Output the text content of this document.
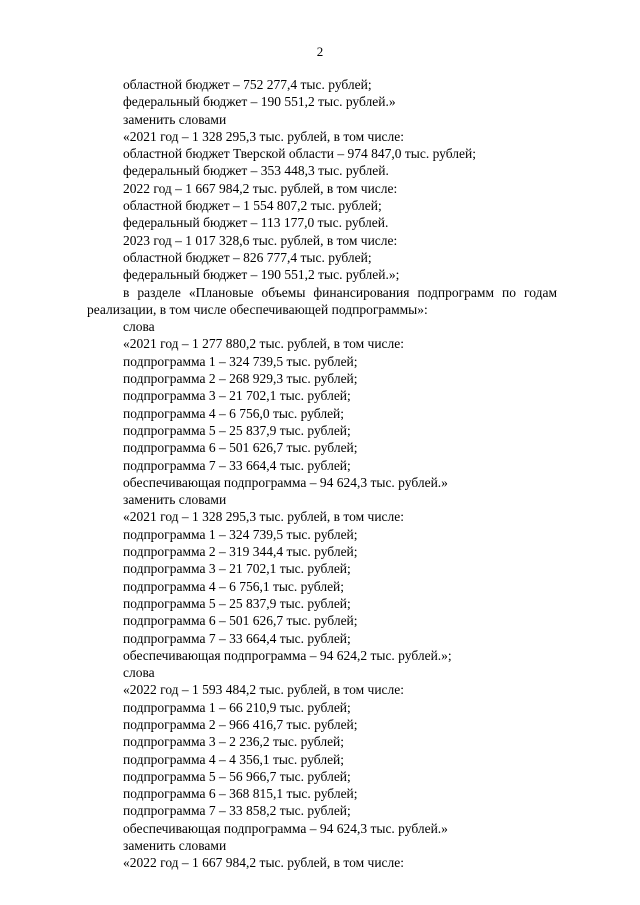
2
областной бюджет – 752 277,4 тыс. рублей;
федеральный бюджет – 190 551,2 тыс. рублей.»
заменить словами
«2021 год – 1 328 295,3 тыс. рублей, в том числе:
областной бюджет Тверской области – 974 847,0 тыс. рублей;
федеральный бюджет – 353 448,3 тыс. рублей.
2022 год – 1 667 984,2 тыс. рублей, в том числе:
областной бюджет – 1 554 807,2 тыс. рублей;
федеральный бюджет – 113 177,0 тыс. рублей.
2023 год – 1 017 328,6 тыс. рублей, в том числе:
областной бюджет – 826 777,4 тыс. рублей;
федеральный бюджет – 190 551,2 тыс. рублей.»;
в разделе «Плановые объемы финансирования подпрограмм по годам реализации, в том числе обеспечивающей подпрограммы»:
слова
«2021 год – 1 277 880,2 тыс. рублей, в том числе:
подпрограмма 1 – 324 739,5 тыс. рублей;
подпрограмма 2 – 268 929,3 тыс. рублей;
подпрограмма 3 – 21 702,1 тыс. рублей;
подпрограмма 4 – 6 756,0 тыс. рублей;
подпрограмма 5 – 25 837,9 тыс. рублей;
подпрограмма 6 – 501 626,7 тыс. рублей;
подпрограмма 7 – 33 664,4 тыс. рублей;
обеспечивающая подпрограмма – 94 624,3 тыс. рублей.»
заменить словами
«2021 год – 1 328 295,3 тыс. рублей, в том числе:
подпрограмма 1 – 324 739,5 тыс. рублей;
подпрограмма 2 – 319 344,4 тыс. рублей;
подпрограмма 3 – 21 702,1 тыс. рублей;
подпрограмма 4 – 6 756,1 тыс. рублей;
подпрограмма 5 – 25 837,9 тыс. рублей;
подпрограмма 6 – 501 626,7 тыс. рублей;
подпрограмма 7 – 33 664,4 тыс. рублей;
обеспечивающая подпрограмма – 94 624,2 тыс. рублей.»;
слова
«2022 год – 1 593 484,2 тыс. рублей, в том числе:
подпрограмма 1 – 66 210,9 тыс. рублей;
подпрограмма 2 – 966 416,7 тыс. рублей;
подпрограмма 3 – 2 236,2 тыс. рублей;
подпрограмма 4 – 4 356,1 тыс. рублей;
подпрограмма 5 – 56 966,7 тыс. рублей;
подпрограмма 6 – 368 815,1 тыс. рублей;
подпрограмма 7 – 33 858,2 тыс. рублей;
обеспечивающая подпрограмма – 94 624,3 тыс. рублей.»
заменить словами
«2022 год – 1 667 984,2 тыс. рублей, в том числе:
